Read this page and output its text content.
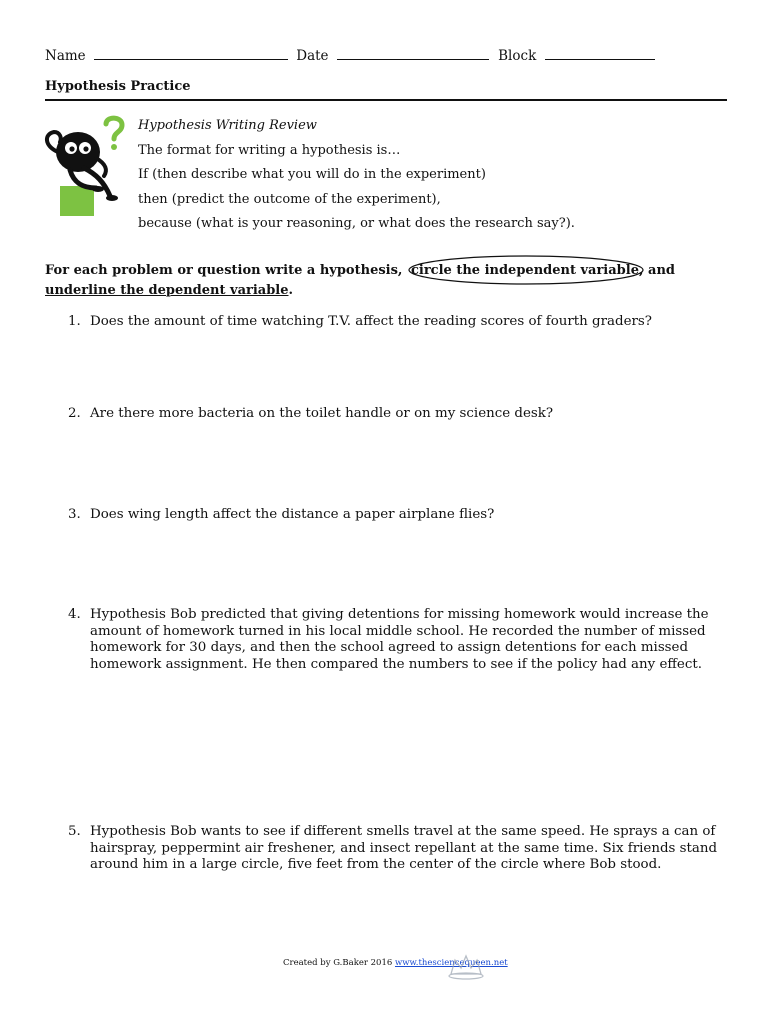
Name	Date	Block
Hypothesis Practice
Hypothesis Writing Review
The format for writing a hypothesis is…
If (then describe what you will do in the experiment)
then (predict the outcome of the experiment),
because (what is your reasoning, or what does the research say?).
For each problem or question write a hypothesis, circle the independent variable, and
underline the dependent variable.
1. Does the amount of time watching T.V. affect the reading scores of fourth graders?
2. Are there more bacteria on the toilet handle or on my science desk?
3. Does wing length affect the distance a paper airplane flies?
4. Hypothesis Bob predicted that giving detentions for missing homework would increase the amount of homework turned in his local middle school. He recorded the number of missed homework for 30 days, and then the school agreed to assign detentions for each missed homework assignment. He then compared the numbers to see if the policy had any effect.
5. Hypothesis Bob wants to see if different smells travel at the same speed. He sprays a can of hairspray, peppermint air freshener, and insect repellant at the same time. Six friends stand around him in a large circle, five feet from the center of the circle where Bob stood.
Created by G.Baker 2016 www.thesciencequeen.net
